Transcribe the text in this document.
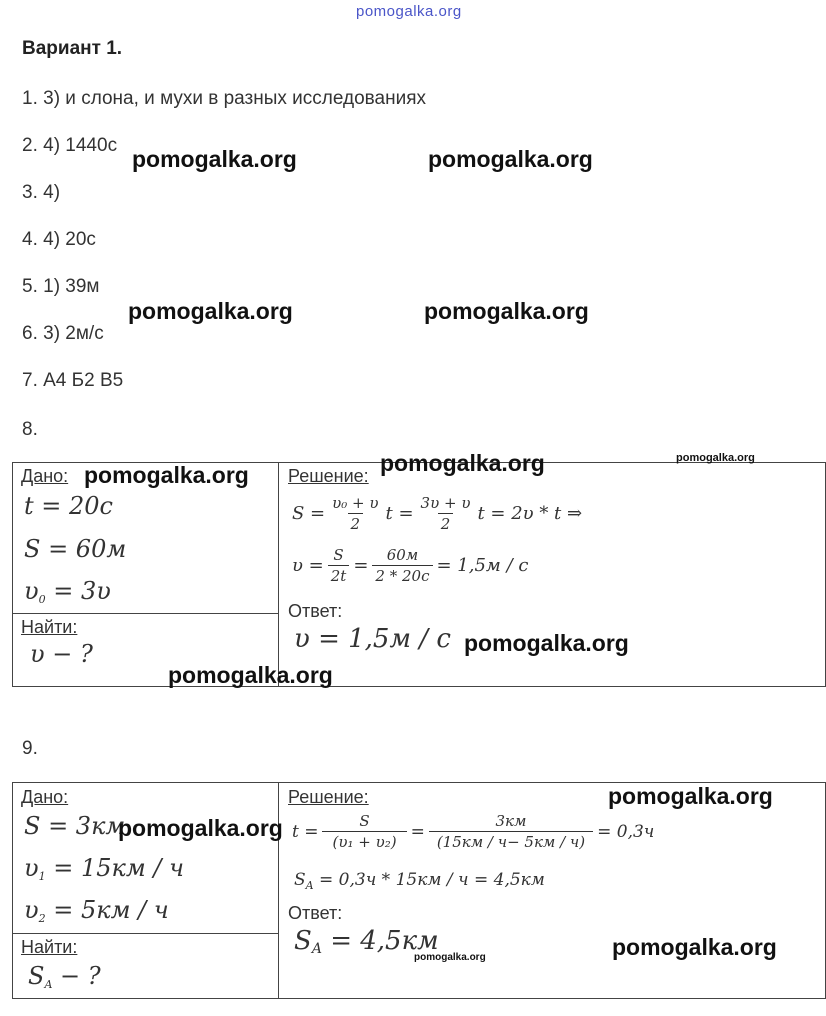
pomogalka.org
Вариант 1.
1. 3) и слона, и мухи в разных исследованиях
2. 4) 1440с
3. 4)
4. 4) 20с
5. 1) 39м
6. 3) 2м/с
7. А4 Б2 В5
8.
Дано:
t = 20c
S = 60м
$\upsilon_0 = 3\upsilon$
Найти:
υ − ?
Решение:
$S = \frac{\text{υ₀ + υ}}{2}$ $t = \frac{3\upsilon + \upsilon}{2}$ t = 2υ * t ⇒
$\upsilon = \frac{S}{2t} = \frac{60м}{2 * 20c} = 1,5м / с$
Ответ:
υ = 1,5м / с
9.
Дано:
S = 3км
$\upsilon_1 = 15км / ч$
$\upsilon_2 = 5км / ч$
Найти:
$S_A$ − ?
Решение:
$t = \frac{S}{\text{(υ₁ + υ₂)}} = \frac{3км}{(15км / ч- 5км / ч)} = 0,3ч$
$S_A = 0,3ч * 15км / ч = 4,5км$
Ответ:
$S_A = 4,5км$
pomogalka.org	pomogalka.org
pomogalka.org	pomogalka.org
pomogalka.org	pomogalka.org	pomogalka.org
pomogalka.org
pomogalka.org
pomogalka.org
pomogalka.org
pomogalka.org
pomogalka.org
